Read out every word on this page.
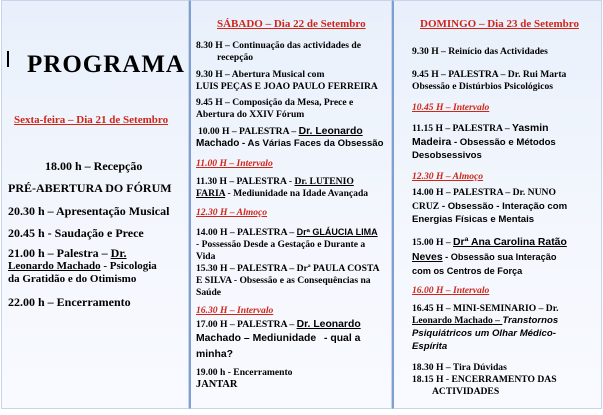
PROGRAMA
Sexta-feira – Dia 21 de Setembro
18.00 h – Recepção
PRÉ-ABERTURA DO FÓRUM
20.30 h – Apresentação Musical
20.45 h - Saudação e Prece
21.00 h – Palestra – Dr.
Leonardo Machado - Psicologia
da Gratidão e do Otimismo
22.00 h – Encerramento
SÁBADO – Dia 22 de Setembro
8.30 H – Continuação das actividades de
recepção
9.30 H – Abertura Musical com
LUIS PEÇAS E JOAO PAULO FERREIRA
9.45 H – Composição da Mesa, Prece e
Abertura do XXIV Fórum
10.00 H – PALESTRA – Dr. Leonardo
Machado - As Várias Faces da Obsessão
11.00 H – Intervalo
11.30 H – PALESTRA - Dr. LUTENIO
FARIA - Mediunidade na Idade Avançada
12.30 H – Almoço
14.00 H – PALESTRA – Drª GLÁUCIA LIMA
- Possessão Desde a Gestação e Durante a
Vida
15.30 H – PALESTRA – Drª PAULA COSTA
E SILVA - Obsessão e as Consequências na
Saúde
16.30 H – Intervalo
17.00 H – PALESTRA – Dr. Leonardo
Machado – Mediunidade - qual a
minha?
19.00 h - Encerramento
JANTAR
DOMINGO – Dia 23 de Setembro
9.30 H – Reinício das Actividades
9.45 H – PALESTRA – Dr. Rui Marta
Obsessão e Distúrbios Psicológicos
10.45 H – Intervalo
11.15 H – PALESTRA – Yasmin
Madeira - Obsessão e Métodos
Desobsessivos
12.30 H – Almoço
14.00 H – PALESTRA – Dr. NUNO
CRUZ - Obsessão - Interação com
Energias Físicas e Mentais
15.00 H – Drª Ana Carolina Ratão
Neves - Obsessão sua Interação
com os Centros de Força
16.00 H – Intervalo
16.45 H – MINI-SEMINARIO – Dr.
Leonardo Machado – Transtornos
Psiquiátricos um Olhar Médico-
Espírita
18.30 H – Tira Dúvidas
18.15 H - ENCERRAMENTO DAS
ACTIVIDADES
